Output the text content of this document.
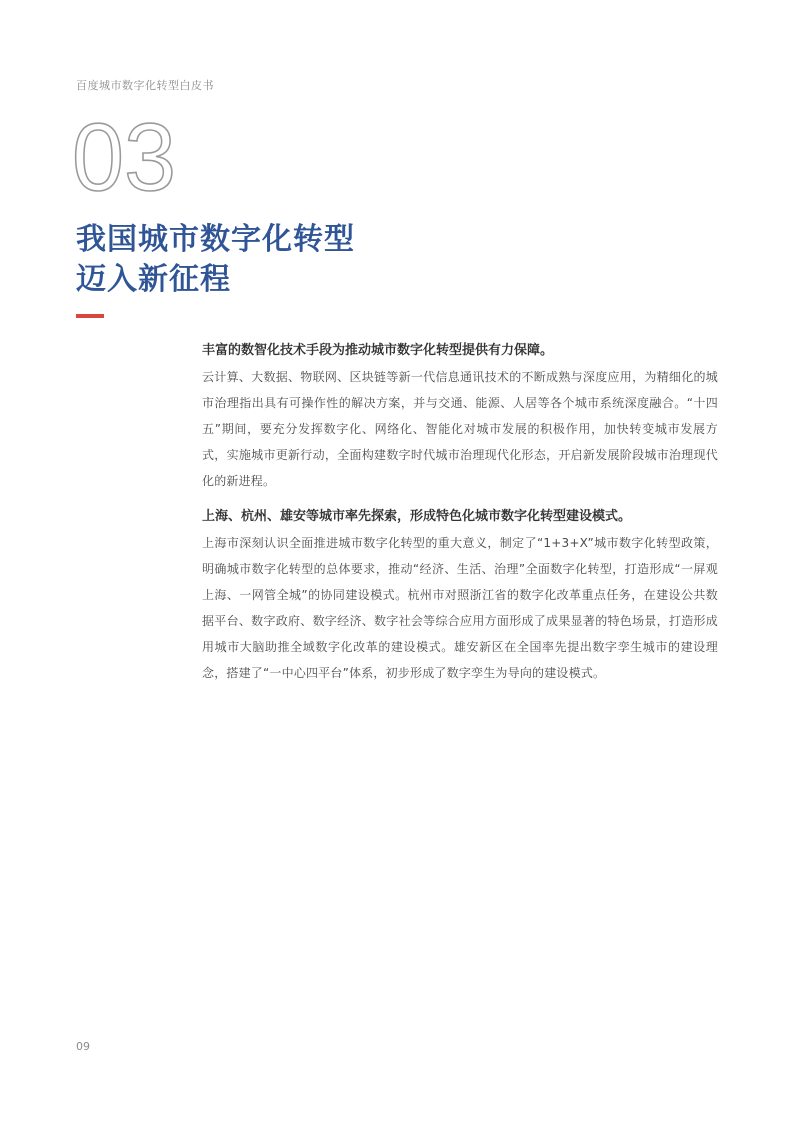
百度城市数字化转型白皮书
03
我国城市数字化转型
迈入新征程

丰富的数智化技术手段为推动城市数字化转型提供有力保障。

云计算、大数据、物联网、区块链等新一代信息通讯技术的不断成熟与深度应用，为精细化的城市治理指出具有可操作性的解决方案，并与交通、能源、人居等各个城市系统深度融合。“十四五”期间，要充分发挥数字化、网络化、智能化对城市发展的积极作用，加快转变城市发展方式，实施城市更新行动，全面构建数字时代城市治理现代化形态，开启新发展阶段城市治理现代化的新进程。

上海、杭州、雄安等城市率先探索，形成特色化城市数字化转型建设模式。

上海市深刻认识全面推进城市数字化转型的重大意义，制定了“1+3+X”城市数字化转型政策，明确城市数字化转型的总体要求，推动“经济、生活、治理”全面数字化转型，打造形成“一屏观上海、一网管全城”的协同建设模式。杭州市对照浙江省的数字化改革重点任务，在建设公共数据平台、数字政府、数字经济、数字社会等综合应用方面形成了成果显著的特色场景，打造形成用城市大脑助推全域数字化改革的建设模式。雄安新区在全国率先提出数字孪生城市的建设理念，搭建了“一中心四平台”体系，初步形成了数字孪生为导向的建设模式。

09
